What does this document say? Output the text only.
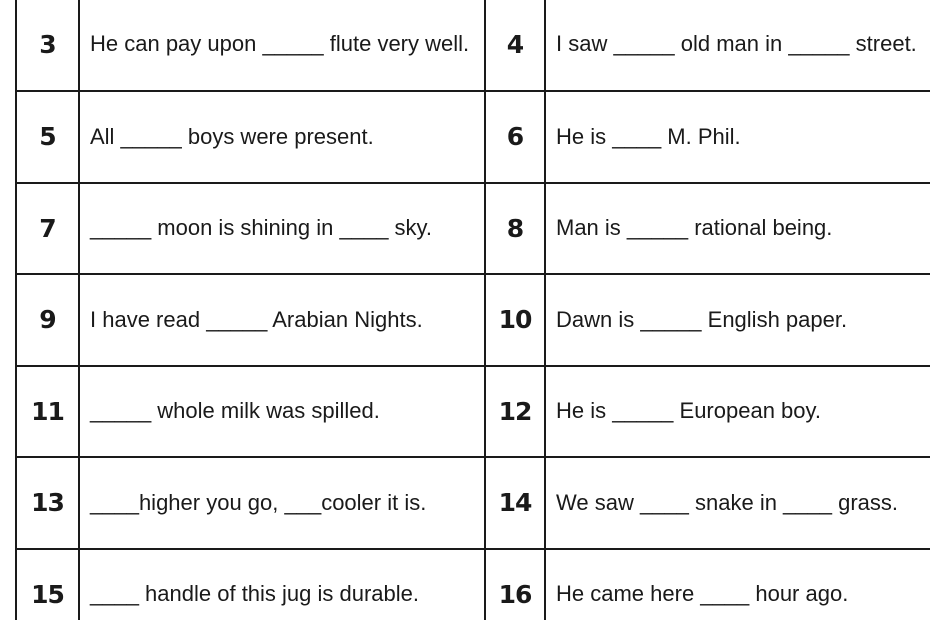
3	He can pay upon _____ flute very well.	4	I saw _____ old man in _____ street.
5	All _____ boys were present.	6	He is ____ M. Phil.
7	_____ moon is shining in ____ sky.	8	Man is _____ rational being.
9	I have read _____ Arabian Nights.	10	Dawn is _____ English paper.
11	_____ whole milk was spilled.	12	He is _____ European boy.
13	____higher you go, ___cooler it is.	14	We saw ____ snake in ____ grass.
15	____ handle of this jug is durable.	16	He came here ____ hour ago.
